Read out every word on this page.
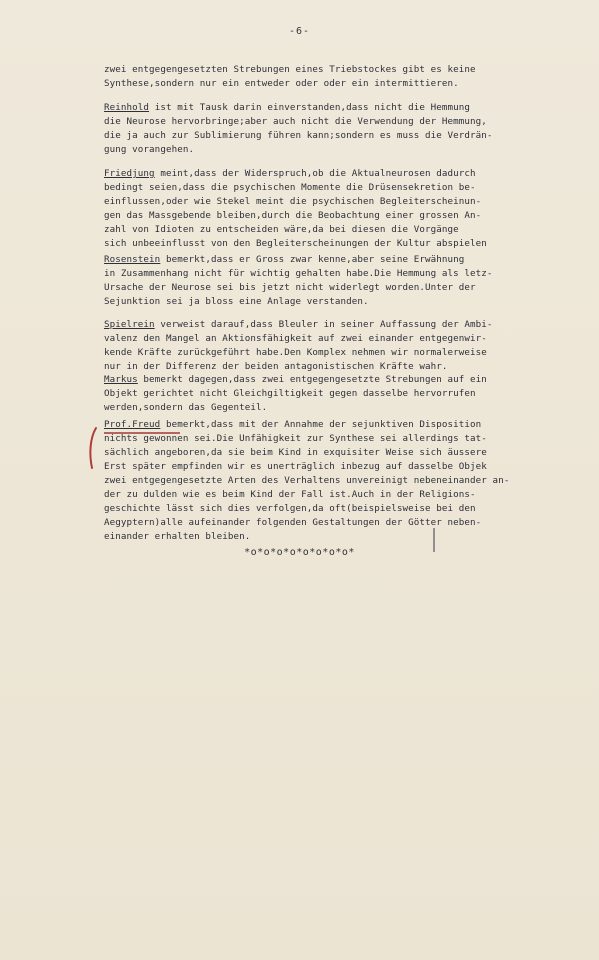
-6-
zwei entgegengesetzten Strebungen eines Triebstockes gibt es keine
Synthese,sondern nur ein entweder oder oder ein intermittieren.
Reinhold ist mit Tausk darin einverstanden,dass nicht die Hemmung
die Neurose hervorbringe;aber auch nicht die Verwendung der Hemmung,
die ja auch zur Sublimierung führen kann;sondern es muss die Verdrän-
gung vorangehen.
Friedjung meint,dass der Widerspruch,ob die Aktualneurosen dadurch
bedingt seien,dass die psychischen Momente die Drüsensekretion be-
einflussen,oder wie Stekel meint die psychischen Begleiterscheinun-
gen das Massgebende bleiben,durch die Beobachtung einer grossen An-
zahl von Idioten zu entscheiden wäre,da bei diesen die Vorgänge
sich unbeeinflusst von den Begleiterscheinungen der Kultur abspielen
Rosenstein bemerkt,dass er Gross zwar kenne,aber seine Erwähnung
in Zusammenhang nicht für wichtig gehalten habe.Die Hemmung als letz-
Ursache der Neurose sei bis jetzt nicht widerlegt worden.Unter der
Sejunktion sei ja bloss eine Anlage verstanden.
Spielrein verweist darauf,dass Bleuler in seiner Auffassung der Ambi-
valenz den Mangel an Aktionsfähigkeit auf zwei einander entgegenwir-
kende Kräfte zurückgeführt habe.Den Komplex nehmen wir normalerweise
nur in der Differenz der beiden antagonistischen Kräfte wahr.
Markus bemerkt dagegen,dass zwei entgegengesetzte Strebungen auf ein
Objekt gerichtet nicht Gleichgiltigkeit gegen dasselbe hervorrufen
werden,sondern das Gegenteil.
Prof.Freud bemerkt,dass mit der Annahme der sejunktiven Disposition
nichts gewonnen sei.Die Unfähigkeit zur Synthese sei allerdings tat-
sächlich angeboren,da sie beim Kind in exquisiter Weise sich äussere
Erst später empfinden wir es unerträglich inbezug auf dasselbe Objek
zwei entgegengesetzte Arten des Verhaltens unvereinigt nebeneinander an-
der zu dulden wie es beim Kind der Fall ist.Auch in der Religions-
geschichte lässt sich dies verfolgen,da oft(beispielsweise bei den
Aegyptern)alle aufeinander folgenden Gestaltungen der Götter neben-
einander erhalten bleiben.
*o*o*o*o*o*o*o*o*
